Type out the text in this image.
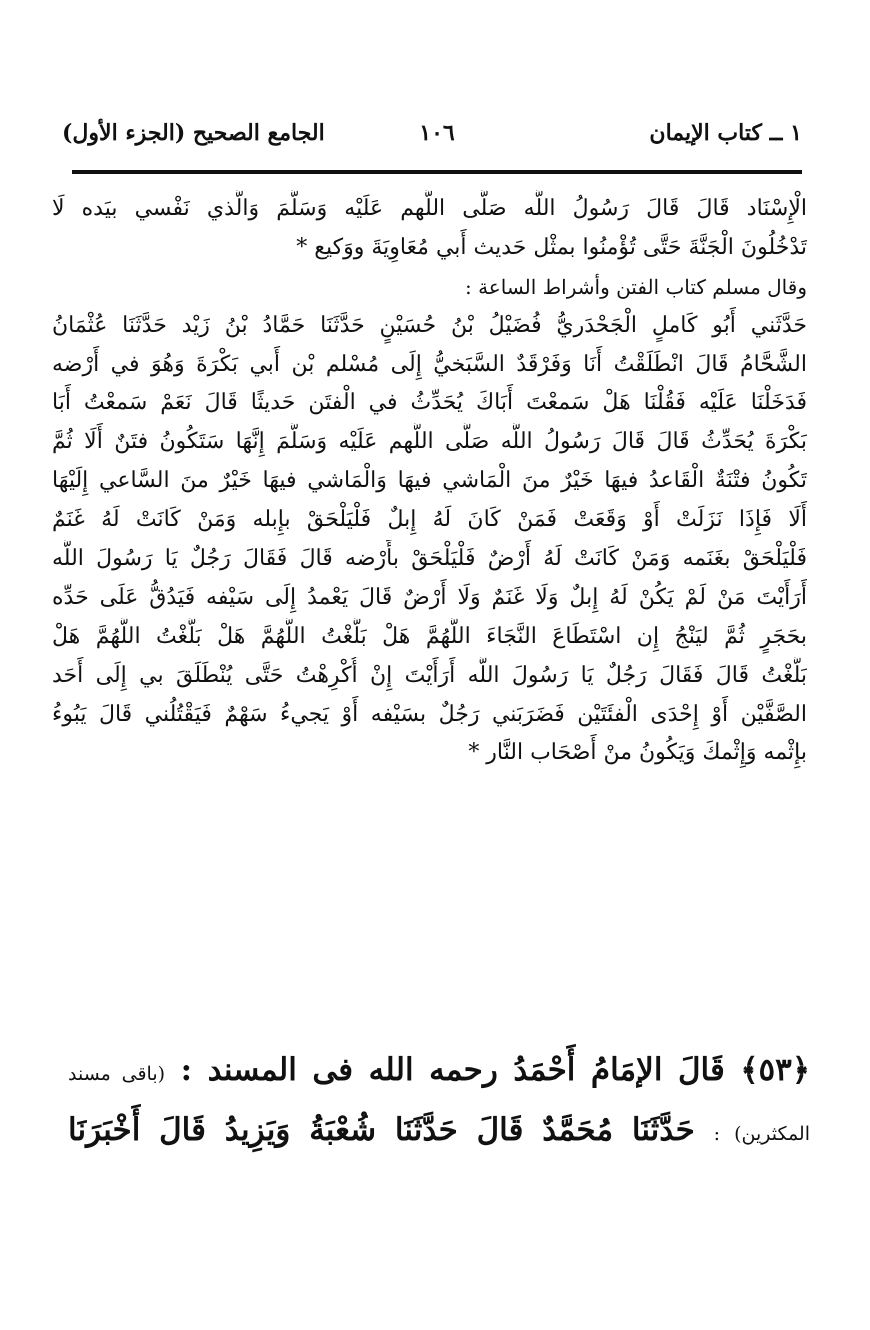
١ ــ كتاب الإيمان
١٠٦
الجامع الصحيح (الجزء الأول)
الْإِسْنَاد قَالَ قَالَ رَسُولُ اللَّه صَلَّى اللَّهم عَلَيْه وَسَلَّمَ وَالَّذي نَفْسي بيَده لَا
تَدْخُلُونَ الْجَنَّةَ حَتَّى تُؤْمنُوا بمثْل حَديث أَبي مُعَاوِيَةَ ووَكيع *
وقال مسلم كتاب الفتن وأشراط الساعة :
حَدَّثَني أَبُو كَاملٍ الْجَحْدَريُّ فُضَيْلُ بْنُ حُسَيْنٍ حَدَّثَنَا حَمَّادُ بْنُ زَيْد حَدَّثَنَا عُثْمَانُ
الشَّحَّامُ قَالَ انْطَلَقْتُ أَنَا وَفَرْقَدٌ السَّبَخيُّ إِلَى مُسْلم بْن أَبي بَكْرَةَ وَهُوَ في أَرْضه
فَدَخَلْنَا عَلَيْه فَقُلْنَا هَلْ سَمعْتَ أَبَاكَ يُحَدِّثُ في الْفتَن حَديثًا قَالَ نَعَمْ سَمعْتُ أَبَا
بَكْرَةَ يُحَدِّثُ قَالَ قَالَ رَسُولُ اللَّه صَلَّى اللَّهم عَلَيْه وَسَلَّمَ إِنَّهَا سَتَكُونُ فتَنٌ أَلَا ثُمَّ
تَكُونُ فتْنَةٌ الْقَاعدُ فيهَا خَيْرٌ منَ الْمَاشي فيهَا وَالْمَاشي فيهَا خَيْرٌ منَ السَّاعي إِلَيْهَا
أَلَا فَإِذَا نَزَلَتْ أَوْ وَقَعَتْ فَمَنْ كَانَ لَهُ إِبلٌ فَلْيَلْحَقْ بإِبله وَمَنْ كَانَتْ لَهُ غَنَمٌ
فَلْيَلْحَقْ بغَنَمه وَمَنْ كَانَتْ لَهُ أَرْضٌ فَلْيَلْحَقْ بأَرْضه قَالَ فَقَالَ رَجُلٌ يَا رَسُولَ اللَّه
أَرَأَيْتَ مَنْ لَمْ يَكُنْ لَهُ إِبلٌ وَلَا غَنَمٌ وَلَا أَرْضٌ قَالَ يَعْمدُ إِلَى سَيْفه فَيَدُقُّ عَلَى حَدِّه
بحَجَرٍ ثُمَّ ليَنْجُ إِن اسْتَطَاعَ النَّجَاءَ اللَّهُمَّ هَلْ بَلَّغْتُ اللَّهُمَّ هَلْ بَلَّغْتُ اللَّهُمَّ هَلْ
بَلَّغْتُ قَالَ فَقَالَ رَجُلٌ يَا رَسُولَ اللَّه أَرَأَيْتَ إِنْ أُكْرِهْتُ حَتَّى يُنْطَلَقَ بي إِلَى أَحَد
الصَّفَّيْن أَوْ إِحْدَى الْفئَتَيْن فَضَرَبَني رَجُلٌ بسَيْفه أَوْ يَجيءُ سَهْمٌ فَيَقْتُلُني قَالَ يَبُوءُ
بإِثْمه وَإِثْمكَ وَيَكُونُ منْ أَصْحَاب النَّار *
﴿٥٣﴾ قَالَ الإمَامُ أَحْمَدُ رحمه الله فى المسند : (باقى مسند
المكثرين) : حَدَّثَنَا مُحَمَّدٌ قَالَ حَدَّثَنَا شُعْبَةُ وَيَزِيدُ قَالَ أَخْبَرَنَا
